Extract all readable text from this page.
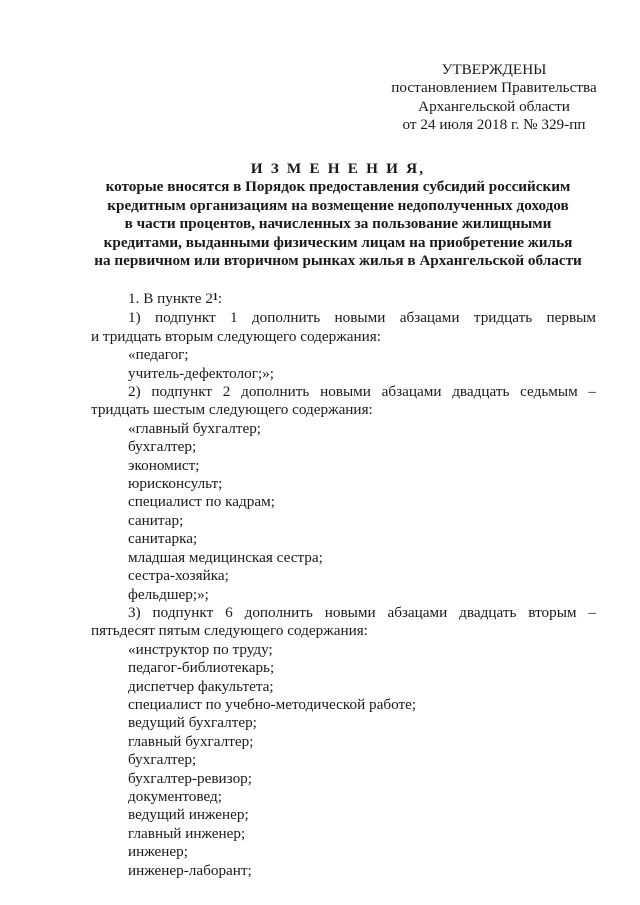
УТВЕРЖДЕНЫ
постановлением Правительства
Архангельской области
от 24 июля 2018 г. № 329-пп
И З М Е Н Е Н И Я,
которые вносятся в Порядок предоставления субсидий российским
кредитным организациям на возмещение недополученных доходов
в части процентов, начисленных за пользование жилищными
кредитами, выданными физическим лицам на приобретение жилья
на первичном или вторичном рынках жилья в Архангельской области

1. В пункте $2^1$:

1) подпункт 1 дополнить новыми абзацами тридцать первым

и тридцать вторым следующего содержания:

«педагог;

учитель-дефектолог;»;

2) подпункт 2 дополнить новыми абзацами двадцать седьмым –

тридцать шестым следующего содержания:

«главный бухгалтер;

бухгалтер;

экономист;

юрисконсульт;

специалист по кадрам;

санитар;

санитарка;

младшая медицинская сестра;

сестра-хозяйка;

фельдшер;»;

3) подпункт 6 дополнить новыми абзацами двадцать вторым –

пятьдесят пятым следующего содержания:

«инструктор по труду;

педагог-библиотекарь;

диспетчер факультета;

специалист по учебно-методической работе;

ведущий бухгалтер;

главный бухгалтер;

бухгалтер;

бухгалтер-ревизор;

документовед;

ведущий инженер;

главный инженер;

инженер;

инженер-лаборант;
